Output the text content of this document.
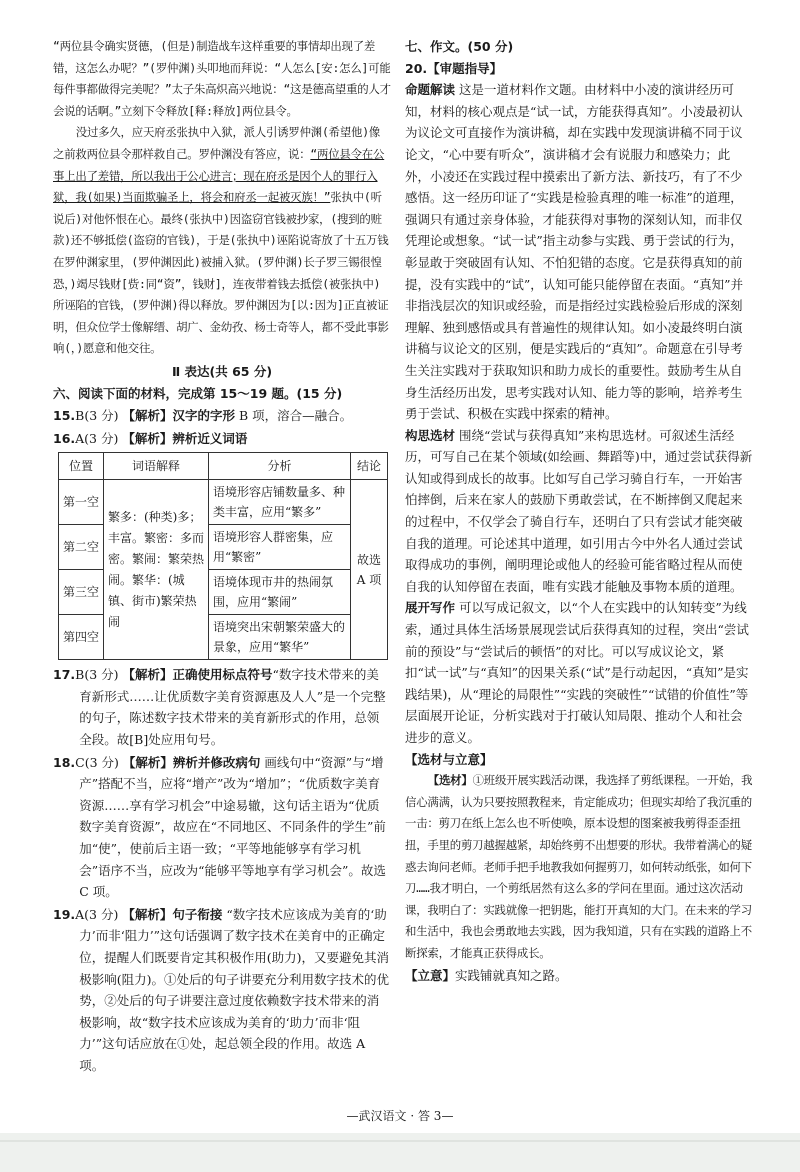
“两位县令确实贤德，(但是)制造战车这样重要的事情却出现了差错，这怎么办呢？”(罗仲渊)头叩地而拜说：“人怎么[安:怎么]可能每件事都做得完美呢？”太子朱高炽高兴地说：“这是德高望重的人才会说的话啊。”立刻下令释放[释:释放]两位县令。

没过多久，应天府丞张执中入狱，派人引诱罗仲渊(希望他)像之前救两位县令那样救自己。罗仲渊没有答应，说：“两位县令在公事上出了差错，所以我出于公心进言；现在府丞是因个人的罪行入狱，我(如果)当面欺骗圣上，将会和府丞一起被灭族！”张执中(听说后)对他怀恨在心。最终(张执中)因盗窃官钱被抄家，(搜到的赃款)还不够抵偿(盗窃的官钱)，于是(张执中)诬陷说寄放了十五万钱在罗仲渊家里，(罗仲渊因此)被捕入狱。(罗仲渊)长子罗三锡很惶恐，)竭尽钱财[赀:同“资”，钱财]，连夜带着钱去抵偿(被张执中)所诬陷的官钱，(罗仲渊)得以释放。罗仲渊因为[以:因为]正直被证明，但众位学士像解缙、胡广、金幼孜、杨士奇等人，都不受此事影响(，)愿意和他交往。

Ⅱ 表达(共 65 分)

六、阅读下面的材料，完成第 15～19 题。(15 分)

15.B(3 分) 【解析】汉字的字形 B 项，溶合—融合。

16.A(3 分) 【解析】辨析近义词语

位置	词语解释	分析	结论
第一空	繁多：(种类)多；丰富。繁密：多而密。繁闹：繁荣热闹。繁华：(城镇、街市)繁荣热闹	语境形容店铺数量多、种类丰富，应用“繁多”	故选 A 项
第二空		语境形容人群密集，应用“繁密”	
第三空		语境体现市井的热闹氛围，应用“繁闹”	
第四空		语境突出宋朝繁荣盛大的景象，应用“繁华”	

17.B(3 分) 【解析】正确使用标点符号“数字技术带来的美育新形式……让优质数字美育资源惠及人人”是一个完整的句子，陈述数字技术带来的美育新形式的作用，总领全段。故[B]处应用句号。

18.C(3 分) 【解析】辨析并修改病句 画线句中“资源”与“增产”搭配不当，应将“增产”改为“增加”；“优质数字美育资源……享有学习机会”中途易辙，这句话主语为“优质数字美育资源”，故应在“不同地区、不同条件的学生”前加“使”，使前后主语一致；“平等地能够享有学习机会”语序不当，应改为“能够平等地享有学习机会”。故选 C 项。

19.A(3 分) 【解析】句子衔接 “数字技术应该成为美育的‘助力’而非‘阻力’”这句话强调了数字技术在美育中的正确定位，提醒人们既要肯定其积极作用(助力)，又要避免其消极影响(阻力)。①处后的句子讲要充分利用数字技术的优势，②处后的句子讲要注意过度依赖数字技术带来的消极影响，故“数字技术应该成为美育的‘助力’而非‘阻力’”这句话应放在①处，起总领全段的作用。故选 A 项。

七、作文。(50 分)

20.【审题指导】

命题解读 这是一道材料作文题。由材料中小凌的演讲经历可知，材料的核心观点是“试一试，方能获得真知”。小凌最初认为议论文可直接作为演讲稿，却在实践中发现演讲稿不同于议论文，“心中要有听众”，演讲稿才会有说服力和感染力；此外，小凌还在实践过程中摸索出了新方法、新技巧，有了不少感悟。这一经历印证了“实践是检验真理的唯一标准”的道理，强调只有通过亲身体验，才能获得对事物的深刻认知，而非仅凭理论或想象。“试一试”指主动参与实践、勇于尝试的行为，彰显敢于突破固有认知、不怕犯错的态度。它是获得真知的前提，没有实践中的“试”，认知可能只能停留在表面。“真知”并非指浅层次的知识或经验，而是指经过实践检验后形成的深刻理解、独到感悟或具有普遍性的规律认知。如小凌最终明白演讲稿与议论文的区别，便是实践后的“真知”。命题意在引导考生关注实践对于获取知识和助力成长的重要性。鼓励考生从自身生活经历出发，思考实践对认知、能力等的影响，培养考生勇于尝试、积极在实践中探索的精神。

构思选材 围绕“尝试与获得真知”来构思选材。可叙述生活经历，可写自己在某个领域(如绘画、舞蹈等)中，通过尝试获得新认知或得到成长的故事。比如写自己学习骑自行车，一开始害怕摔倒，后来在家人的鼓励下勇敢尝试，在不断摔倒又爬起来的过程中，不仅学会了骑自行车，还明白了只有尝试才能突破自我的道理。可论述其中道理，如引用古今中外名人通过尝试取得成功的事例，阐明理论或他人的经验可能省略过程从而使自我的认知停留在表面，唯有实践才能触及事物本质的道理。

展开写作 可以写成记叙文，以“个人在实践中的认知转变”为线索，通过具体生活场景展现尝试后获得真知的过程，突出“尝试前的预设”与“尝试后的顿悟”的对比。可以写成议论文，紧扣“试一试”与“真知”的因果关系(“试”是行动起因，“真知”是实践结果)，从“理论的局限性”“实践的突破性”“试错的价值性”等层面展开论证，分析实践对于打破认知局限、推动个人和社会进步的意义。

【选材与立意】

【选材】①班级开展实践活动课，我选择了剪纸课程。一开始，我信心满满，认为只要按照教程来，肯定能成功；但现实却给了我沉重的一击：剪刀在纸上怎么也不听使唤，原本设想的图案被我剪得歪歪扭扭，手里的剪刀越握越紧，却始终剪不出想要的形状。我带着满心的疑惑去询问老师。老师手把手地教我如何握剪刀，如何转动纸张，如何下刀……我才明白，一个剪纸居然有这么多的学问在里面。通过这次活动课，我明白了：实践就像一把钥匙，能打开真知的大门。在未来的学习和生活中，我也会勇敢地去实践，因为我知道，只有在实践的道路上不断探索，才能真正获得成长。

【立意】实践铺就真知之路。

—武汉语文 · 答 3—
